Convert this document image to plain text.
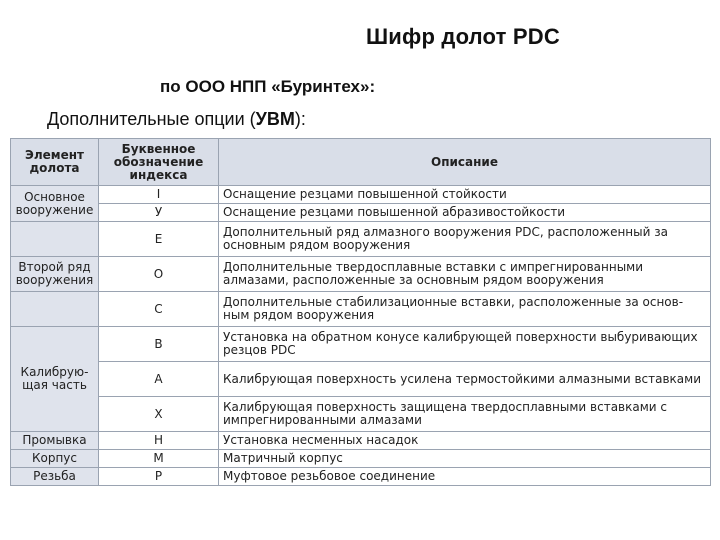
Шифр долот PDC
по ООО НПП «Буринтех»:
Дополнительные опции (УВМ):
Элемент долота	Буквенное обозначение индекса	Описание
Основное вооружение	I	Оснащение резцами повышенной стойкости
	У	Оснащение резцами повышенной абразивостойкости
	Е	Дополнительный ряд алмазного вооружения PDC, расположенный за основным рядом вооружения
Второй ряд вооружения	О	Дополнительные твердосплавные вставки с импрегнированными алмазами, расположенные за основным рядом вооружения
	С	Дополнительные стабилизационные вставки, расположенные за основ-ным рядом вооружения
Калибрую-щая часть	В	Установка на обратном конусе калибрующей поверхности выбуривающих резцов PDC
	А	Калибрующая поверхность усилена термостойкими алмазными вставками
	Х	Калибрующая поверхность защищена твердосплавными вставками с импрегнированными алмазами
Промывка	Н	Установка несменных насадок
Корпус	М	Матричный корпус
Резьба	Р	Муфтовое резьбовое соединение
